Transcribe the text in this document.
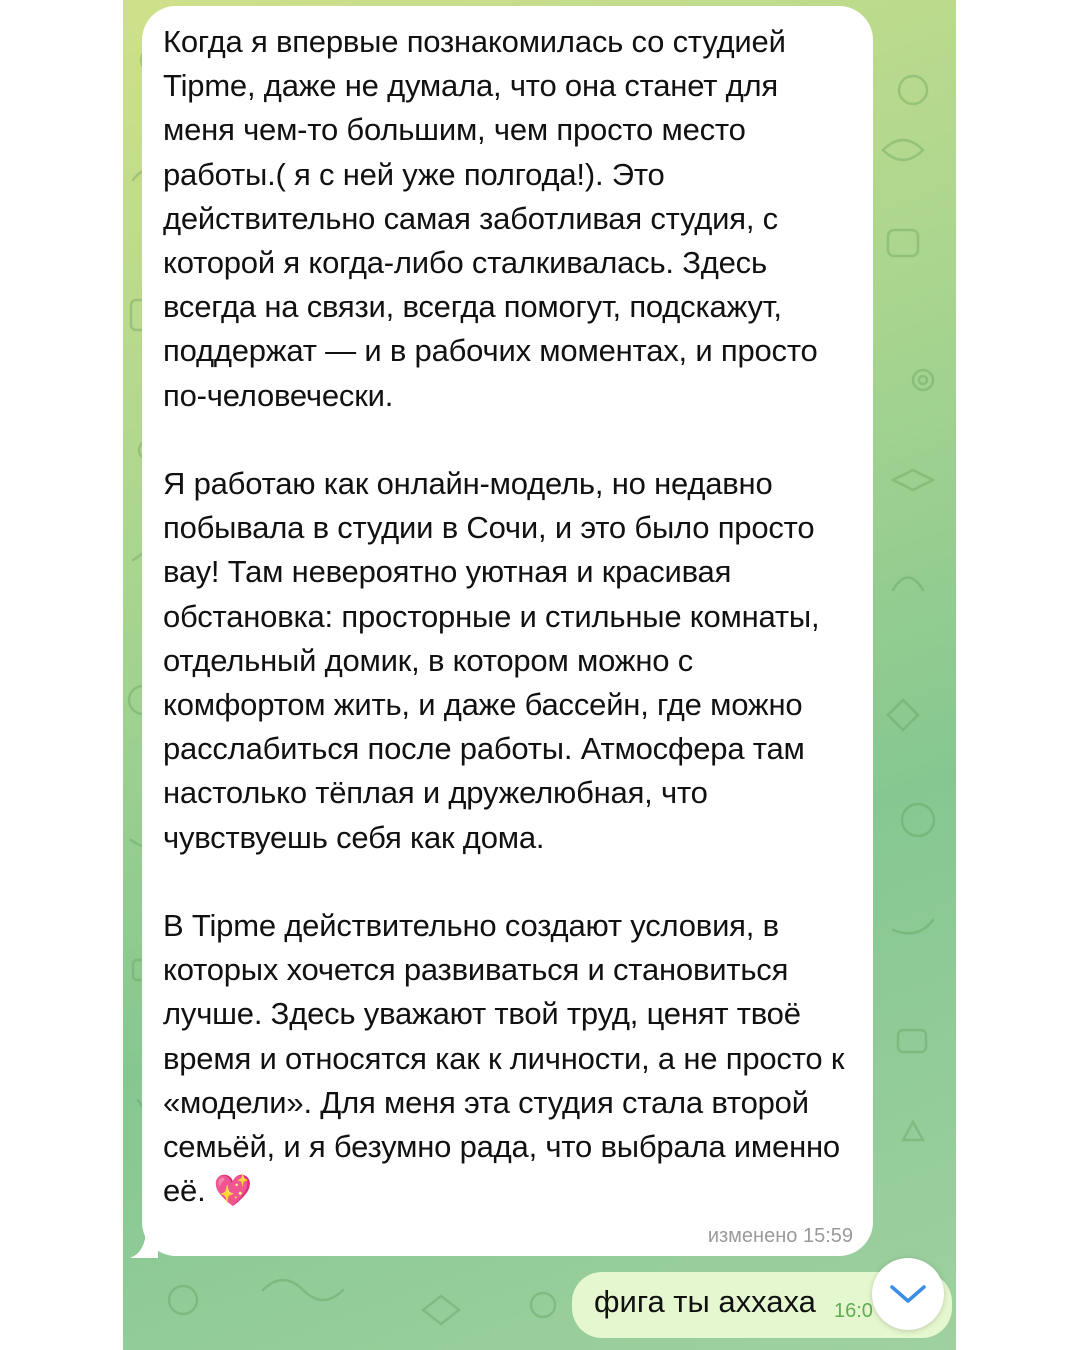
Когда я впервые познакомилась со студией Tipme, даже не думала, что она станет для меня чем-то большим, чем просто место работы.( я с ней уже полгода!). Это действительно самая заботливая студия, с которой я когда-либо сталкивалась. Здесь всегда на связи, всегда помогут, подскажут, поддержат — и в рабочих моментах, и просто по-человечески.

Я работаю как онлайн-модель, но недавно побывала в студии в Сочи, и это было просто вау! Там невероятно уютная и красивая обстановка: просторные и стильные комнаты, отдельный домик, в котором можно с комфортом жить, и даже бассейн, где можно расслабиться после работы. Атмосфера там настолько тёплая и дружелюбная, что чувствуешь себя как дома.

В Tipme действительно создают условия, в которых хочется развиваться и становиться лучше. Здесь уважают твой труд, ценят твоё время и относятся как к личности, а не просто к «модели». Для меня эта студия стала второй семьёй, и я безумно рада, что выбрала именно её. 💖

изменено 15:59
фига ты аххаха 16:0
